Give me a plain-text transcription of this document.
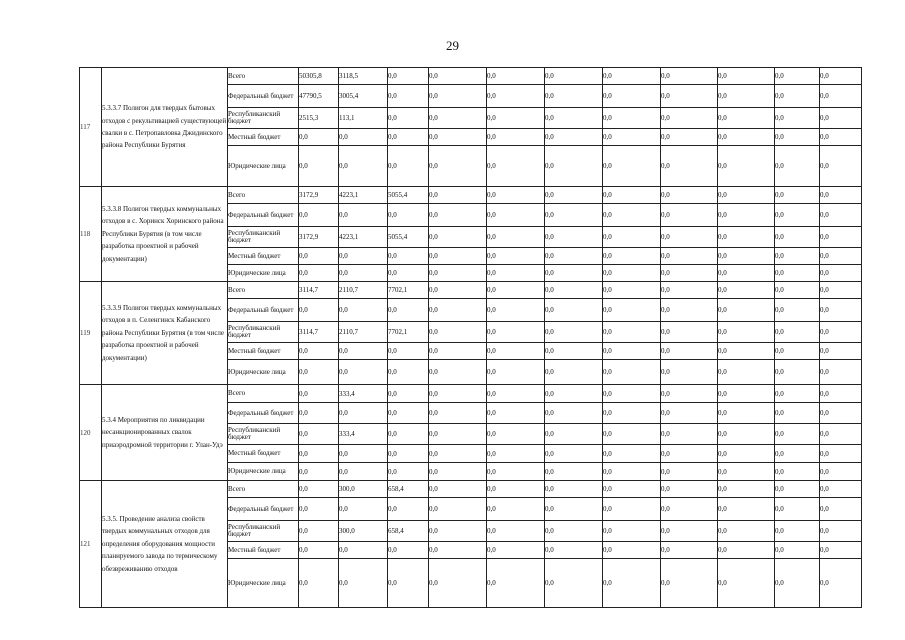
29
117	5.3.3.7 Полигон для твердых бытовых отходов с рекультивацией существующей свалки в с. Петропавловка Джидинского района Республики Бурятия	Всего	50305,8	3118,5	0,0	0,0	0,0	0,0	0,0	0,0	0,0	0,0	0,0
		Федеральный бюджет	47790,5	3005,4	0,0	0,0	0,0	0,0	0,0	0,0	0,0	0,0	0,0
		Республиканский бюджет	2515,3	113,1	0,0	0,0	0,0	0,0	0,0	0,0	0,0	0,0	0,0
		Местный бюджет	0,0	0,0	0,0	0,0	0,0	0,0	0,0	0,0	0,0	0,0	0,0
		Юридические лица	0,0	0,0	0,0	0,0	0,0	0,0	0,0	0,0	0,0	0,0	0,0
118	5.3.3.8 Полигон твердых коммунальных отходов в с. Хоринск Хоринского района Республики Бурятия (в том числе разработка проектной и рабочей документации)	Всего	3172,9	4223,1	5055,4	0,0	0,0	0,0	0,0	0,0	0,0	0,0	0,0
		Федеральный бюджет	0,0	0,0	0,0	0,0	0,0	0,0	0,0	0,0	0,0	0,0	0,0
		Республиканский бюджет	3172,9	4223,1	5055,4	0,0	0,0	0,0	0,0	0,0	0,0	0,0	0,0
		Местный бюджет	0,0	0,0	0,0	0,0	0,0	0,0	0,0	0,0	0,0	0,0	0,0
		Юридические лица	0,0	0,0	0,0	0,0	0,0	0,0	0,0	0,0	0,0	0,0	0,0
119	5.3.3.9 Полигон твердых коммунальных отходов в п. Селенгинск Кабанского района Республики Бурятия (в том числе разработка проектной и рабочей документации)	Всего	3114,7	2110,7	7702,1	0,0	0,0	0,0	0,0	0,0	0,0	0,0	0,0
		Федеральный бюджет	0,0	0,0	0,0	0,0	0,0	0,0	0,0	0,0	0,0	0,0	0,0
		Республиканский бюджет	3114,7	2110,7	7702,1	0,0	0,0	0,0	0,0	0,0	0,0	0,0	0,0
		Местный бюджет	0,0	0,0	0,0	0,0	0,0	0,0	0,0	0,0	0,0	0,0	0,0
		Юридические лица	0,0	0,0	0,0	0,0	0,0	0,0	0,0	0,0	0,0	0,0	0,0
120	5.3.4 Мероприятия по ликвидации несанкционированных свалок приаэродромной территории г. Улан-Удэ	Всего	0,0	333,4	0,0	0,0	0,0	0,0	0,0	0,0	0,0	0,0	0,0
		Федеральный бюджет	0,0	0,0	0,0	0,0	0,0	0,0	0,0	0,0	0,0	0,0	0,0
		Республиканский бюджет	0,0	333,4	0,0	0,0	0,0	0,0	0,0	0,0	0,0	0,0	0,0
		Местный бюджет	0,0	0,0	0,0	0,0	0,0	0,0	0,0	0,0	0,0	0,0	0,0
		Юридические лица	0,0	0,0	0,0	0,0	0,0	0,0	0,0	0,0	0,0	0,0	0,0
121	5.3.5. Проведение анализа свойств твердых коммунальных отходов для определения оборудования мощности планируемого завода по термическому обезвреживанию отходов	Всего	0,0	300,0	658,4	0,0	0,0	0,0	0,0	0,0	0,0	0,0	0,0
		Федеральный бюджет	0,0	0,0	0,0	0,0	0,0	0,0	0,0	0,0	0,0	0,0	0,0
		Республиканский бюджет	0,0	300,0	658,4	0,0	0,0	0,0	0,0	0,0	0,0	0,0	0,0
		Местный бюджет	0,0	0,0	0,0	0,0	0,0	0,0	0,0	0,0	0,0	0,0	0,0
		Юридические лица	0,0	0,0	0,0	0,0	0,0	0,0	0,0	0,0	0,0	0,0	0,0
